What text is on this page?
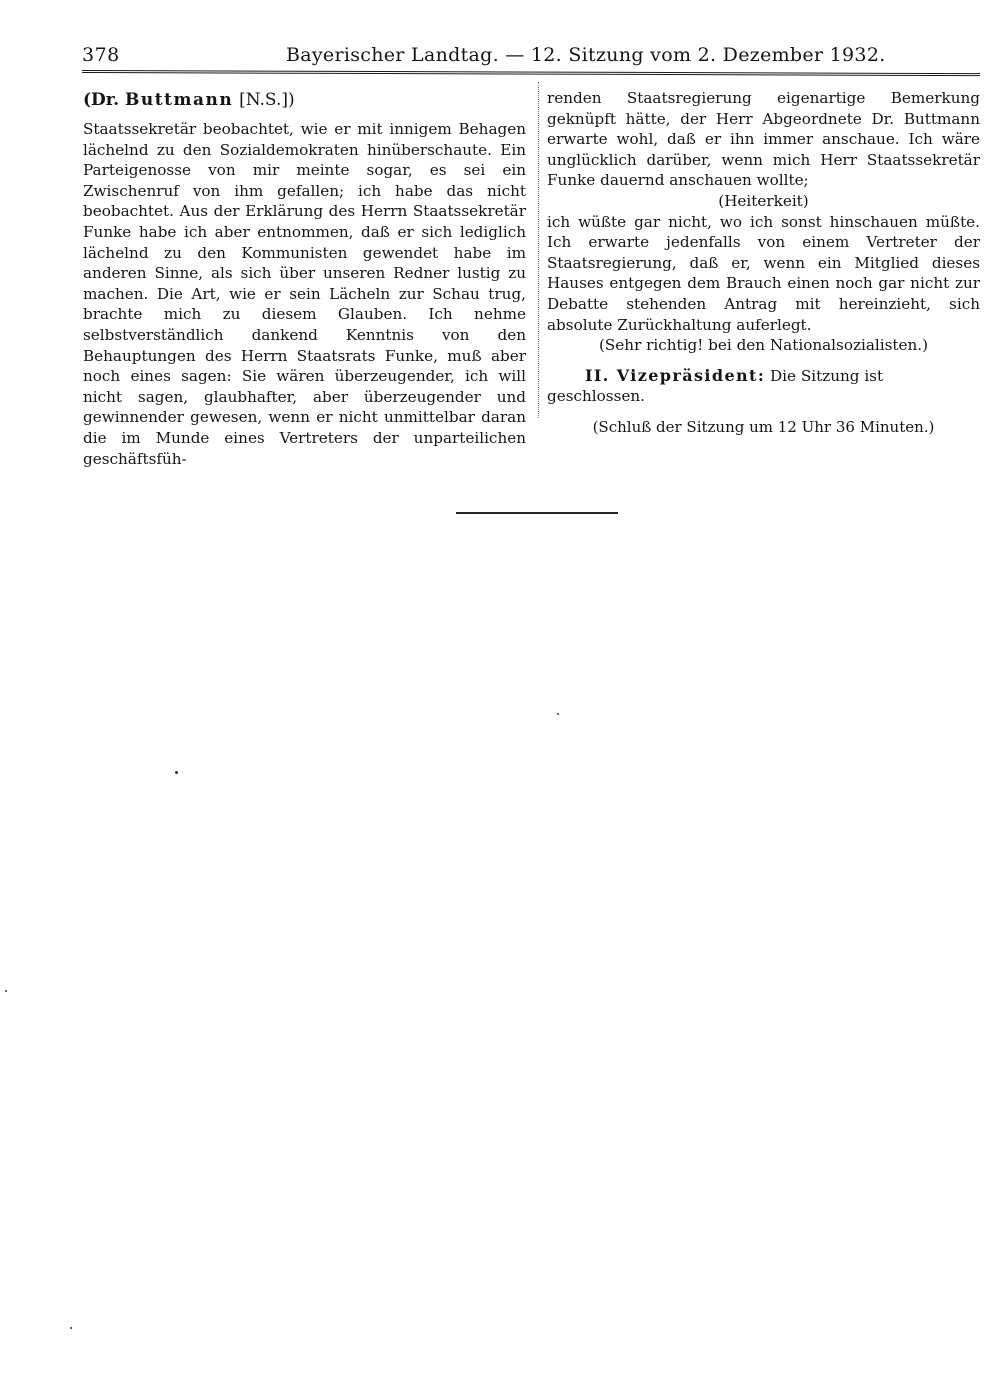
378	Bayerischer Landtag. — 12. Sitzung vom 2. Dezember 1932.
(Dr. Buttmann [N.S.])
Staatssekretär beobachtet, wie er mit innigem Behagen lächelnd zu den Sozialdemokraten hinüberschaute. Ein Parteigenosse von mir meinte sogar, es sei ein Zwischenruf von ihm gefallen; ich habe das nicht beobachtet. Aus der Erklärung des Herrn Staatssekretär Funke habe ich aber entnommen, daß er sich lediglich lächelnd zu den Kommunisten gewendet habe im anderen Sinne, als sich über unseren Redner lustig zu machen. Die Art, wie er sein Lächeln zur Schau trug, brachte mich zu diesem Glauben. Ich nehme selbstverständlich dankend Kenntnis von den Behauptungen des Herrn Staatsrats Funke, muß aber noch eines sagen: Sie wären überzeugender, ich will nicht sagen, glaubhafter, aber überzeugender und gewinnender gewesen, wenn er nicht unmittelbar daran die im Munde eines Vertreters der unparteilichen geschäftsfüh-
renden Staatsregierung eigenartige Bemerkung geknüpft hätte, der Herr Abgeordnete Dr. Buttmann erwarte wohl, daß er ihn immer anschaue. Ich wäre unglücklich darüber, wenn mich Herr Staatssekretär Funke dauernd anschauen wollte;
(Heiterkeit)
ich wüßte gar nicht, wo ich sonst hinschauen müßte. Ich erwarte jedenfalls von einem Vertreter der Staatsregierung, daß er, wenn ein Mitglied dieses Hauses entgegen dem Brauch einen noch gar nicht zur Debatte stehenden Antrag mit hereinzieht, sich absolute Zurückhaltung auferlegt.
(Sehr richtig! bei den Nationalsozialisten.)
II. Vizepräsident: Die Sitzung ist geschlossen.
(Schluß der Sitzung um 12 Uhr 36 Minuten.)
